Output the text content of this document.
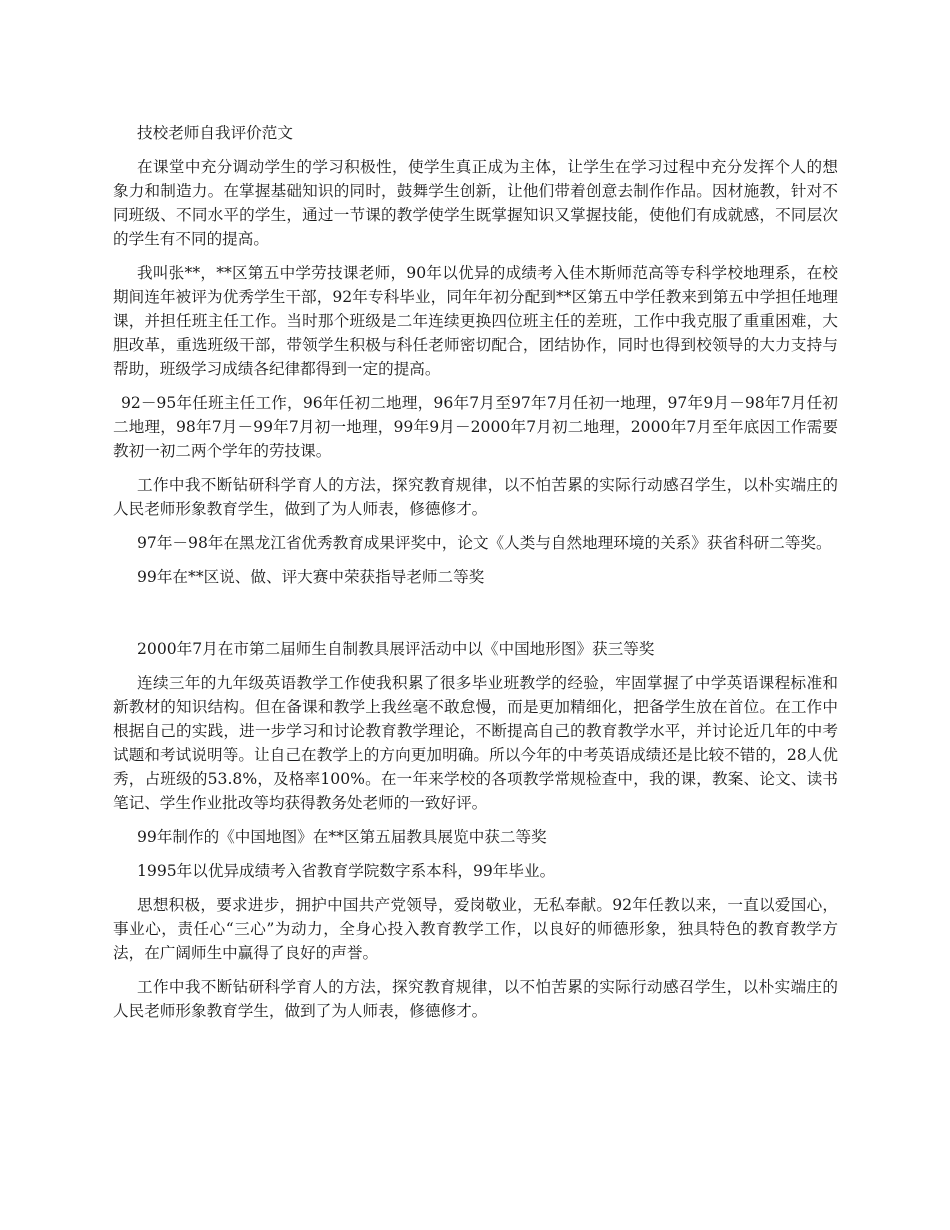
技校老师自我评价范文

在课堂中充分调动学生的学习积极性，使学生真正成为主体，让学生在学习过程中充分发挥个人的想象力和制造力。在掌握基础知识的同时，鼓舞学生创新，让他们带着创意去制作作品。因材施教，针对不同班级、不同水平的学生，通过一节课的教学使学生既掌握知识又掌握技能，使他们有成就感，不同层次的学生有不同的提高。

我叫张**，**区第五中学劳技课老师，90年以优异的成绩考入佳木斯师范高等专科学校地理系，在校期间连年被评为优秀学生干部，92年专科毕业，同年年初分配到**区第五中学任教来到第五中学担任地理课，并担任班主任工作。当时那个班级是二年连续更换四位班主任的差班，工作中我克服了重重困难，大胆改革，重选班级干部，带领学生积极与科任老师密切配合，团结协作，同时也得到校领导的大力支持与帮助，班级学习成绩各纪律都得到一定的提高。

92－95年任班主任工作，96年任初二地理，96年7月至97年7月任初一地理，97年9月－98年7月任初二地理，98年7月－99年7月初一地理，99年9月－2000年7月初二地理，2000年7月至年底因工作需要教初一初二两个学年的劳技课。

工作中我不断钻研科学育人的方法，探究教育规律，以不怕苦累的实际行动感召学生，以朴实端庄的人民老师形象教育学生，做到了为人师表，修德修才。

97年－98年在黑龙江省优秀教育成果评奖中，论文《人类与自然地理环境的关系》获省科研二等奖。

99年在**区说、做、评大赛中荣获指导老师二等奖

2000年7月在市第二届师生自制教具展评活动中以《中国地形图》获三等奖

连续三年的九年级英语教学工作使我积累了很多毕业班教学的经验，牢固掌握了中学英语课程标准和新教材的知识结构。但在备课和教学上我丝毫不敢怠慢，而是更加精细化，把备学生放在首位。在工作中根据自己的实践，进一步学习和讨论教育教学理论，不断提高自己的教育教学水平，并讨论近几年的中考试题和考试说明等。让自己在教学上的方向更加明确。所以今年的中考英语成绩还是比较不错的，28人优秀，占班级的53.8%，及格率100%。在一年来学校的各项教学常规检查中，我的课，教案、论文、读书笔记、学生作业批改等均获得教务处老师的一致好评。

99年制作的《中国地图》在**区第五届教具展览中获二等奖

1995年以优异成绩考入省教育学院数字系本科，99年毕业。

思想积极，要求进步，拥护中国共产党领导，爱岗敬业，无私奉献。92年任教以来，一直以爱国心，事业心，责任心“三心”为动力，全身心投入教育教学工作，以良好的师德形象，独具特色的教育教学方法，在广阔师生中赢得了良好的声誉。

工作中我不断钻研科学育人的方法，探究教育规律，以不怕苦累的实际行动感召学生，以朴实端庄的人民老师形象教育学生，做到了为人师表，修德修才。
